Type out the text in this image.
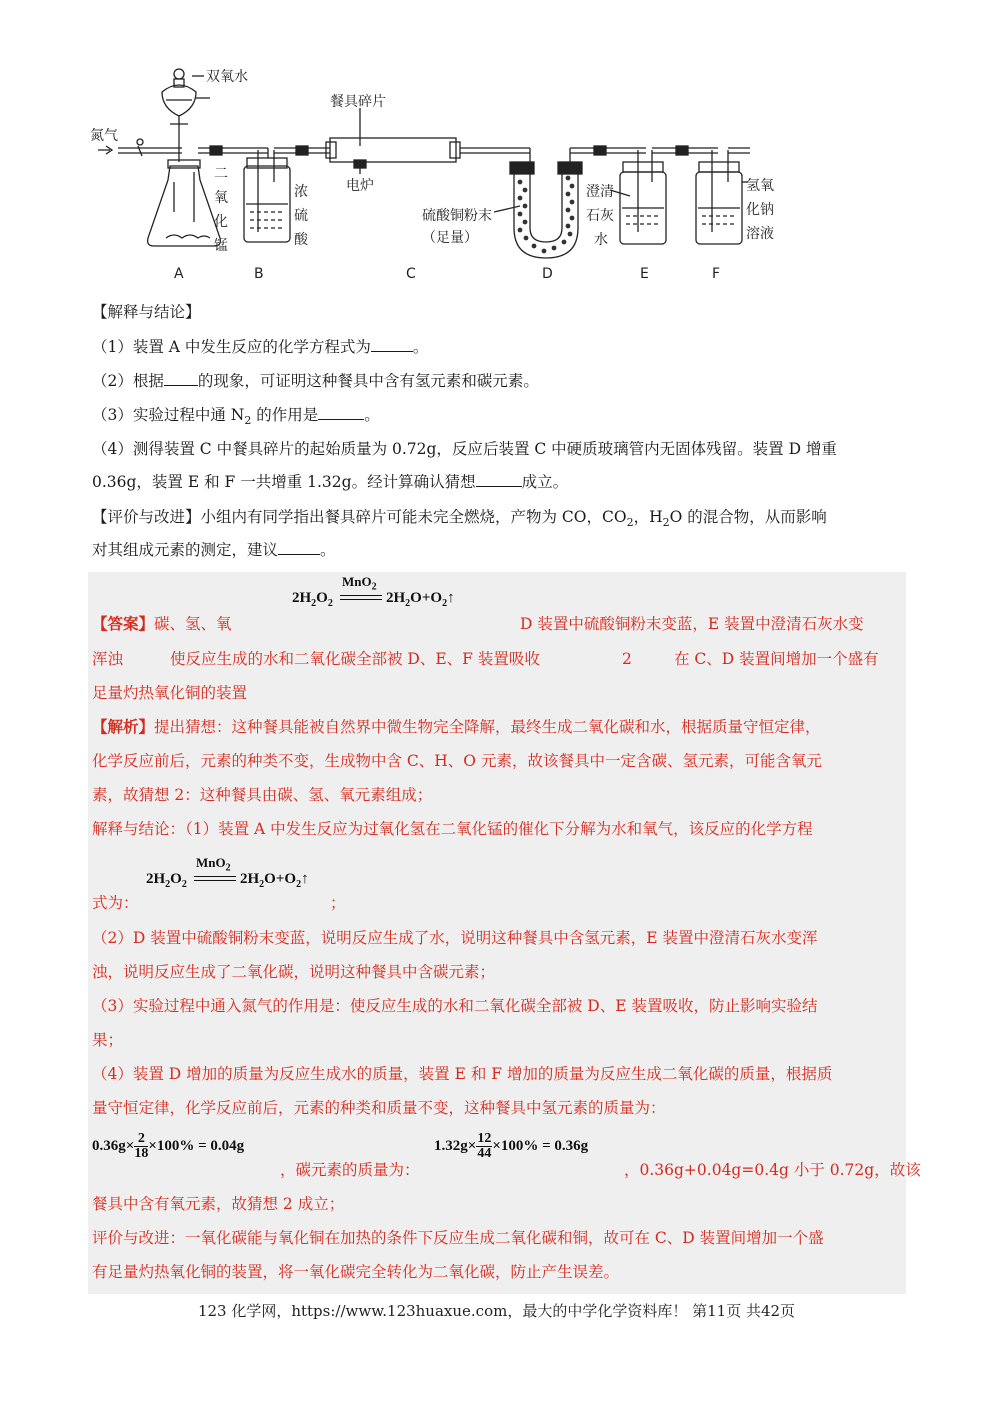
氮气
双氧水
餐具碎片
电炉
二
氧
化
锰
浓
硫
酸
硫酸铜粉末
（足量）
澄清
石灰
水
氢氧
化钠
溶液
A	B	C	D	E	F
【解释与结论】
（1）装置 A 中发生反应的化学方程式为	。
（2）根据 的现象，可证明这种餐具中含有氢元素和碳元素。
（3）实验过程中通 $N_2$ 的作用是	。
（4）测得装置 C 中餐具碎片的起始质量为 0.72g，反应后装置 C 中硬质玻璃管内无固体残留。装置 D 增重
0.36g，装置 E 和 F 一共增重 1.32g。经计算确认猜想	成立。
【评价与改进】小组内有同学指出餐具碎片可能未完全燃烧，产物为 CO，$CO_2$，$H_2O$ 的混合物，从而影响
对其组成元素的测定，建议	。
MnO$_2$
$2H_2O_2$	$2H_2O+O_2↑$
【答案】碳、氢、氧	D 装置中硫酸铜粉末变蓝，E 装置中澄清石灰水变
浑浊	使反应生成的水和二氧化碳全部被 D、E、F 装置吸收	2	在 C、D 装置间增加一个盛有
足量灼热氧化铜的装置
【解析】提出猜想：这种餐具能被自然界中微生物完全降解，最终生成二氧化碳和水，根据质量守恒定律，
化学反应前后，元素的种类不变，生成物中含 C、H、O 元素，故该餐具中一定含碳、氢元素，可能含氧元
素，故猜想 2：这种餐具由碳、氢、氧元素组成；
解释与结论：（1）装置 A 中发生反应为过氧化氢在二氧化锰的催化下分解为水和氧气，该反应的化学方程
MnO$_2$
$2H_2O_2$	$2H_2O+O_2↑$
式为：	；
（2）D 装置中硫酸铜粉末变蓝，说明反应生成了水，说明这种餐具中含氢元素，E 装置中澄清石灰水变浑
浊，说明反应生成了二氧化碳，说明这种餐具中含碳元素；
（3）实验过程中通入氮气的作用是：使反应生成的水和二氧化碳全部被 D、E 装置吸收，防止影响实验结
果；
（4）装置 D 增加的质量为反应生成水的质量，装置 E 和 F 增加的质量为反应生成二氧化碳的质量，根据质
量守恒定律，化学反应前后，元素的种类和质量不变，这种餐具中氢元素的质量为：
$0.36g\times \frac{2}{18} \times 100\% = 0.04g$
，碳元素的质量为：
$1.32g\times \frac{12}{44} \times 100\% = 0.36g$
，0.36g+0.04g=0.4g 小于 0.72g，故该
餐具中含有氧元素，故猜想 2 成立；
评价与改进：一氧化碳能与氧化铜在加热的条件下反应生成二氧化碳和铜，故可在 C、D 装置间增加一个盛
有足量灼热氧化铜的装置，将一氧化碳完全转化为二氧化碳，防止产生误差。
123 化学网，https://www.123huaxue.com，最大的中学化学资料库！ 第11页 共42页
